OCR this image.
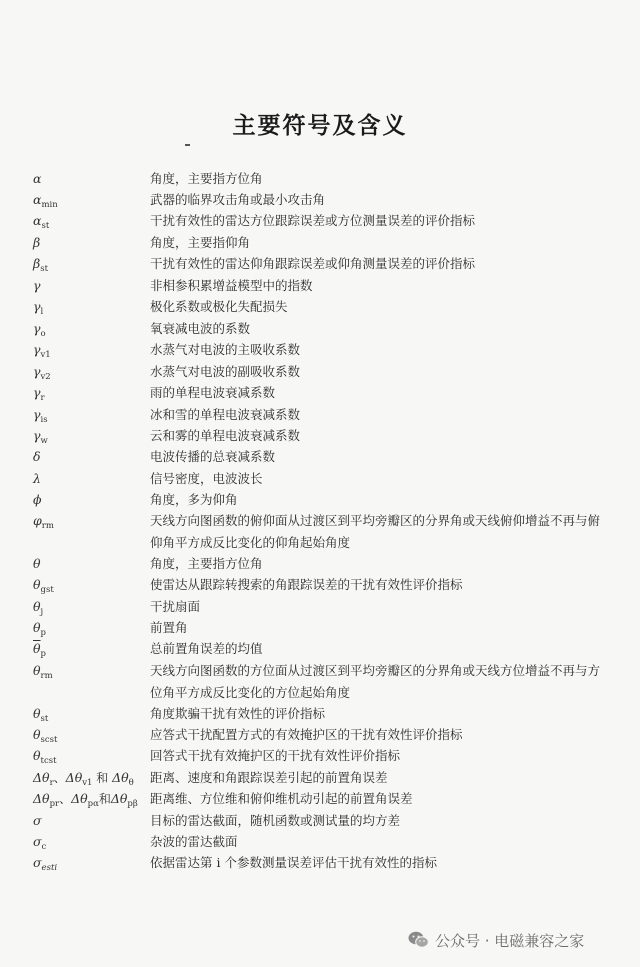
主要符号及含义
α	角度，主要指方位角
$\alpha_{min}$	武器的临界攻击角或最小攻击角
$\alpha_{st}$	干扰有效性的雷达方位跟踪误差或方位测量误差的评价指标
β	角度，主要指仰角
$\beta_{st}$	干扰有效性的雷达仰角跟踪误差或仰角测量误差的评价指标
γ	非相参积累增益模型中的指数
$\gamma_l$	极化系数或极化失配损失
$\gamma_o$	氧衰减电波的系数
$\gamma_{v1}$	水蒸气对电波的主吸收系数
$\gamma_{v2}$	水蒸气对电波的副吸收系数
$\gamma_r$	雨的单程电波衰减系数
$\gamma_{is}$	冰和雪的单程电波衰减系数
$\gamma_w$	云和雾的单程电波衰减系数
δ	电波传播的总衰减系数
λ	信号密度，电波波长
ϕ	角度，多为仰角
$\varphi_{rm}$	天线方向图函数的俯仰面从过渡区到平均旁瓣区的分界角或天线俯仰增益不再与俯仰角平方成反比变化的仰角起始角度
θ	角度，主要指方位角
$\theta_{gst}$	使雷达从跟踪转搜索的角跟踪误差的干扰有效性评价指标
$\theta_j$	干扰扇面
$\theta_p$	前置角
$\overline{\theta}_p$	总前置角误差的均值
$\theta_{rm}$	天线方向图函数的方位面从过渡区到平均旁瓣区的分界角或天线方位增益不再与方位角平方成反比变化的方位起始角度
$\theta_{st}$	角度欺骗干扰有效性的评价指标
$\theta_{scst}$	应答式干扰配置方式的有效掩护区的干扰有效性评价指标
$\theta_{tcst}$	回答式干扰有效掩护区的干扰有效性评价指标
$\Delta\theta_r$、$\Delta\theta_{v1}$ 和 $\Delta\theta_\theta$	距离、速度和角跟踪误差引起的前置角误差
$\Delta\theta_{pr}$、$\Delta\theta_{p\alpha}$和$\Delta\theta_{p\beta}$ 距离维、方位维和俯仰维机动引起的前置角误差
σ	目标的雷达截面，随机函数或测试量的均方差
$\sigma_c$	杂波的雷达截面
$\sigma_{esti}$	依据雷达第 i 个参数测量误差评估干扰有效性的指标
公众号 · 电磁兼容之家
